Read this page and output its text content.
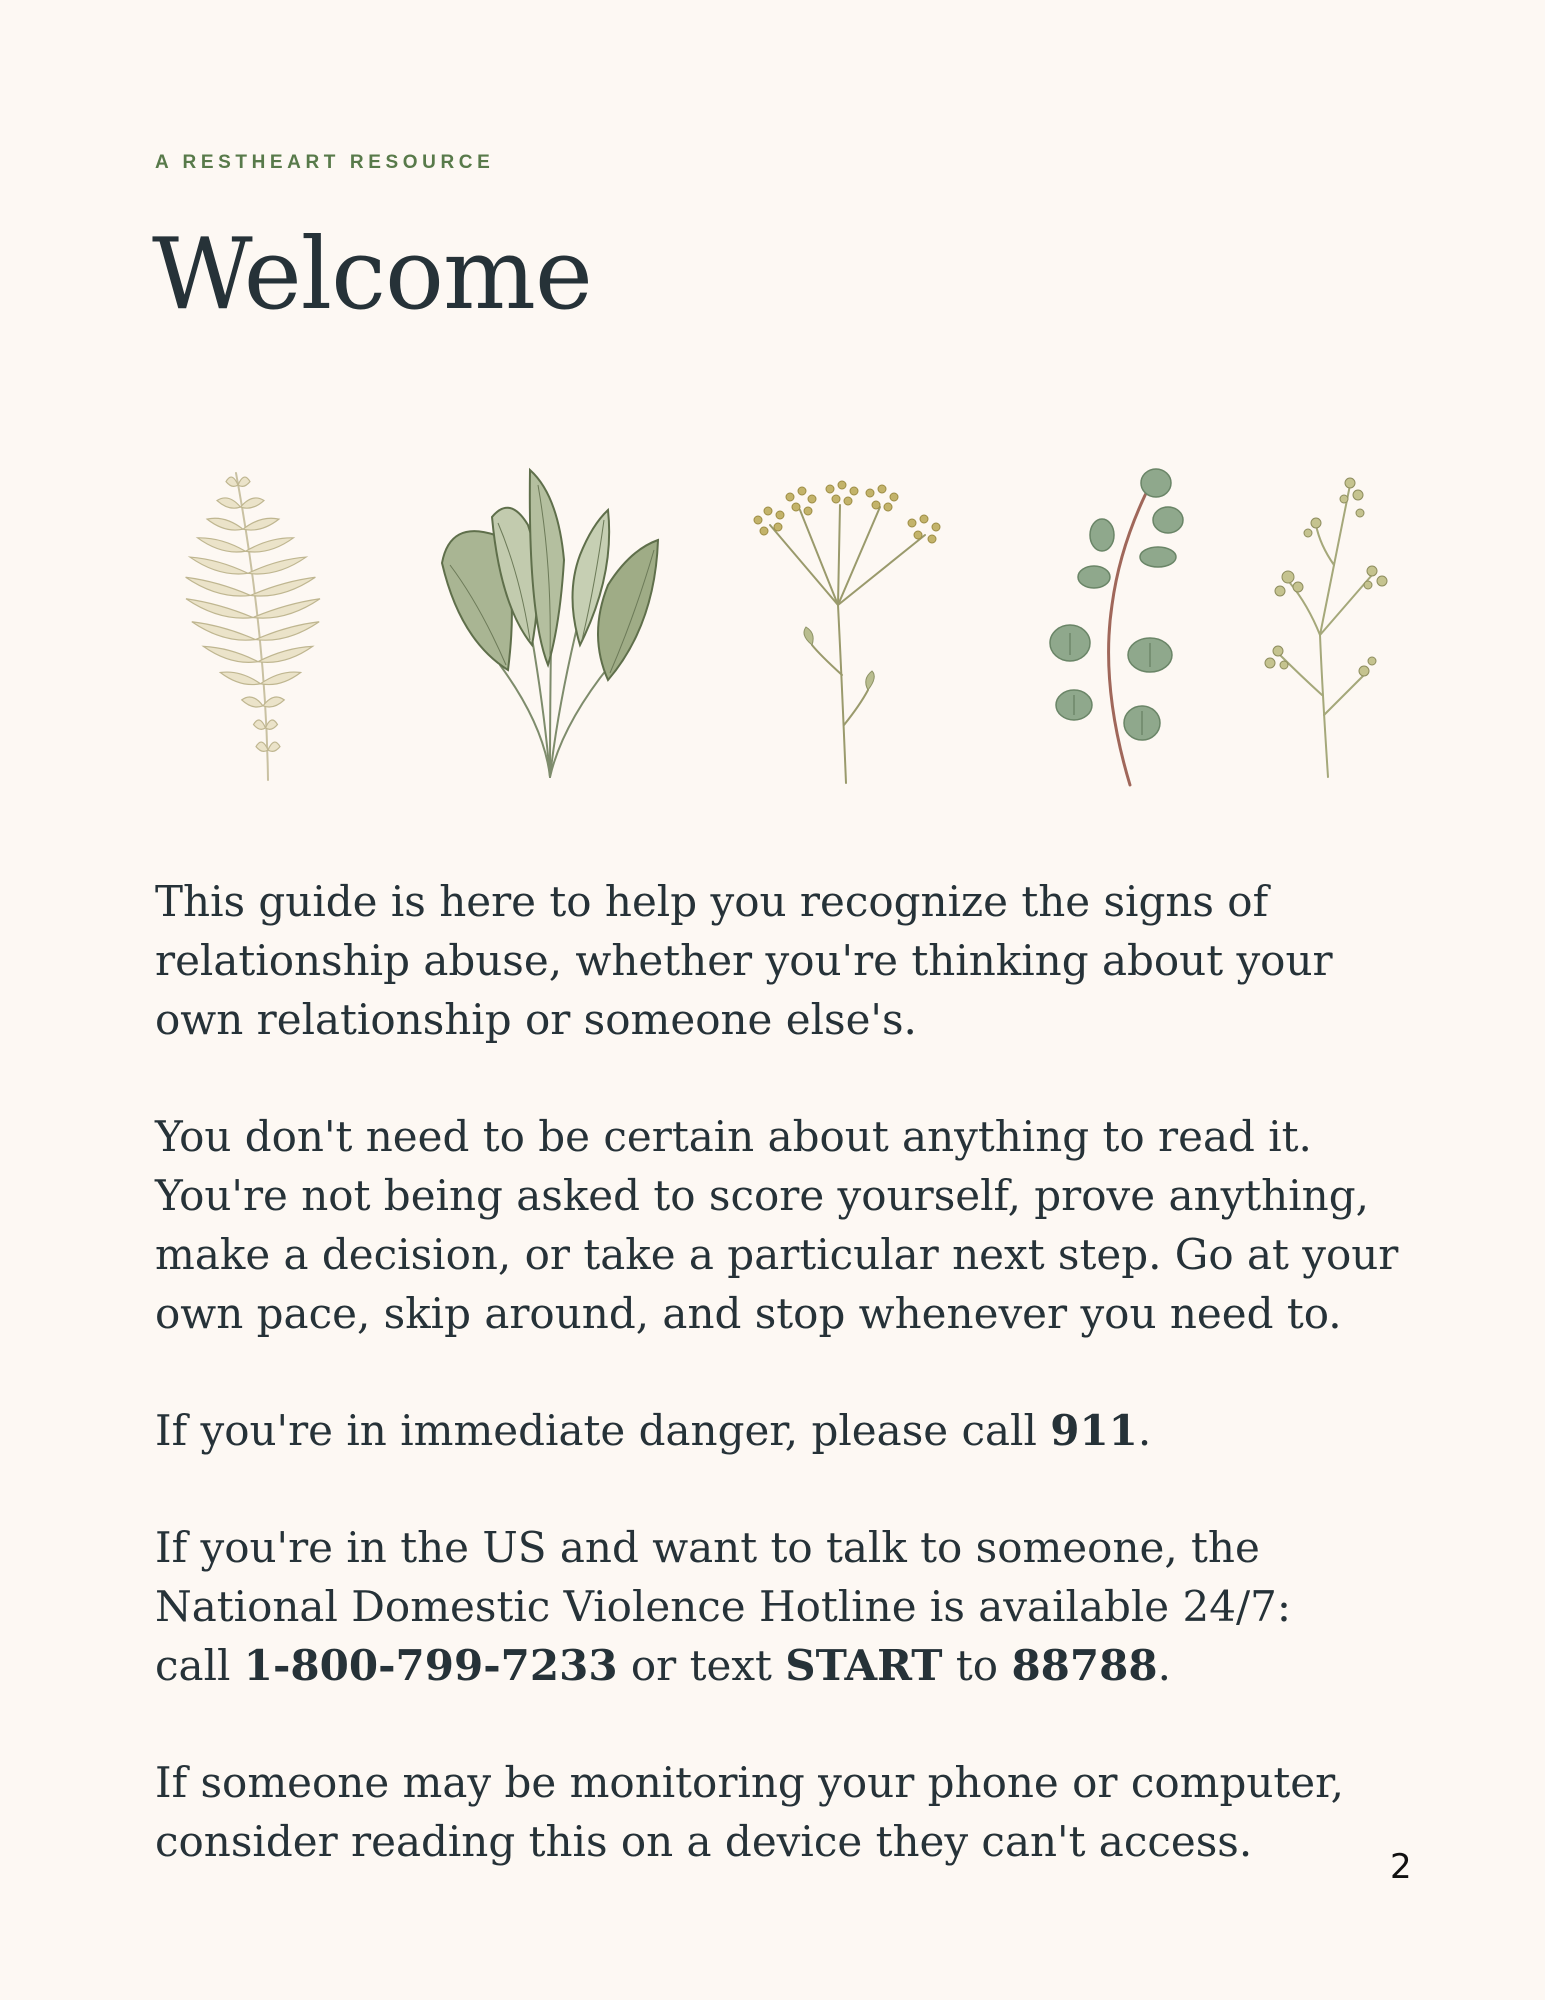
A RESTHEART RESOURCE
Welcome

This guide is here to help you recognize the signs of relationship abuse, whether you're thinking about your own relationship or someone else's.

You don't need to be certain about anything to read it. You're not being asked to score yourself, prove anything, make a decision, or take a particular next step. Go at your own pace, skip around, and stop whenever you need to.

If you're in immediate danger, please call 911.

If you're in the US and want to talk to someone, the National Domestic Violence Hotline is available 24/7:
call 1-800-799-7233 or text START to 88788.

If someone may be monitoring your phone or computer, consider reading this on a device they can't access.

2
